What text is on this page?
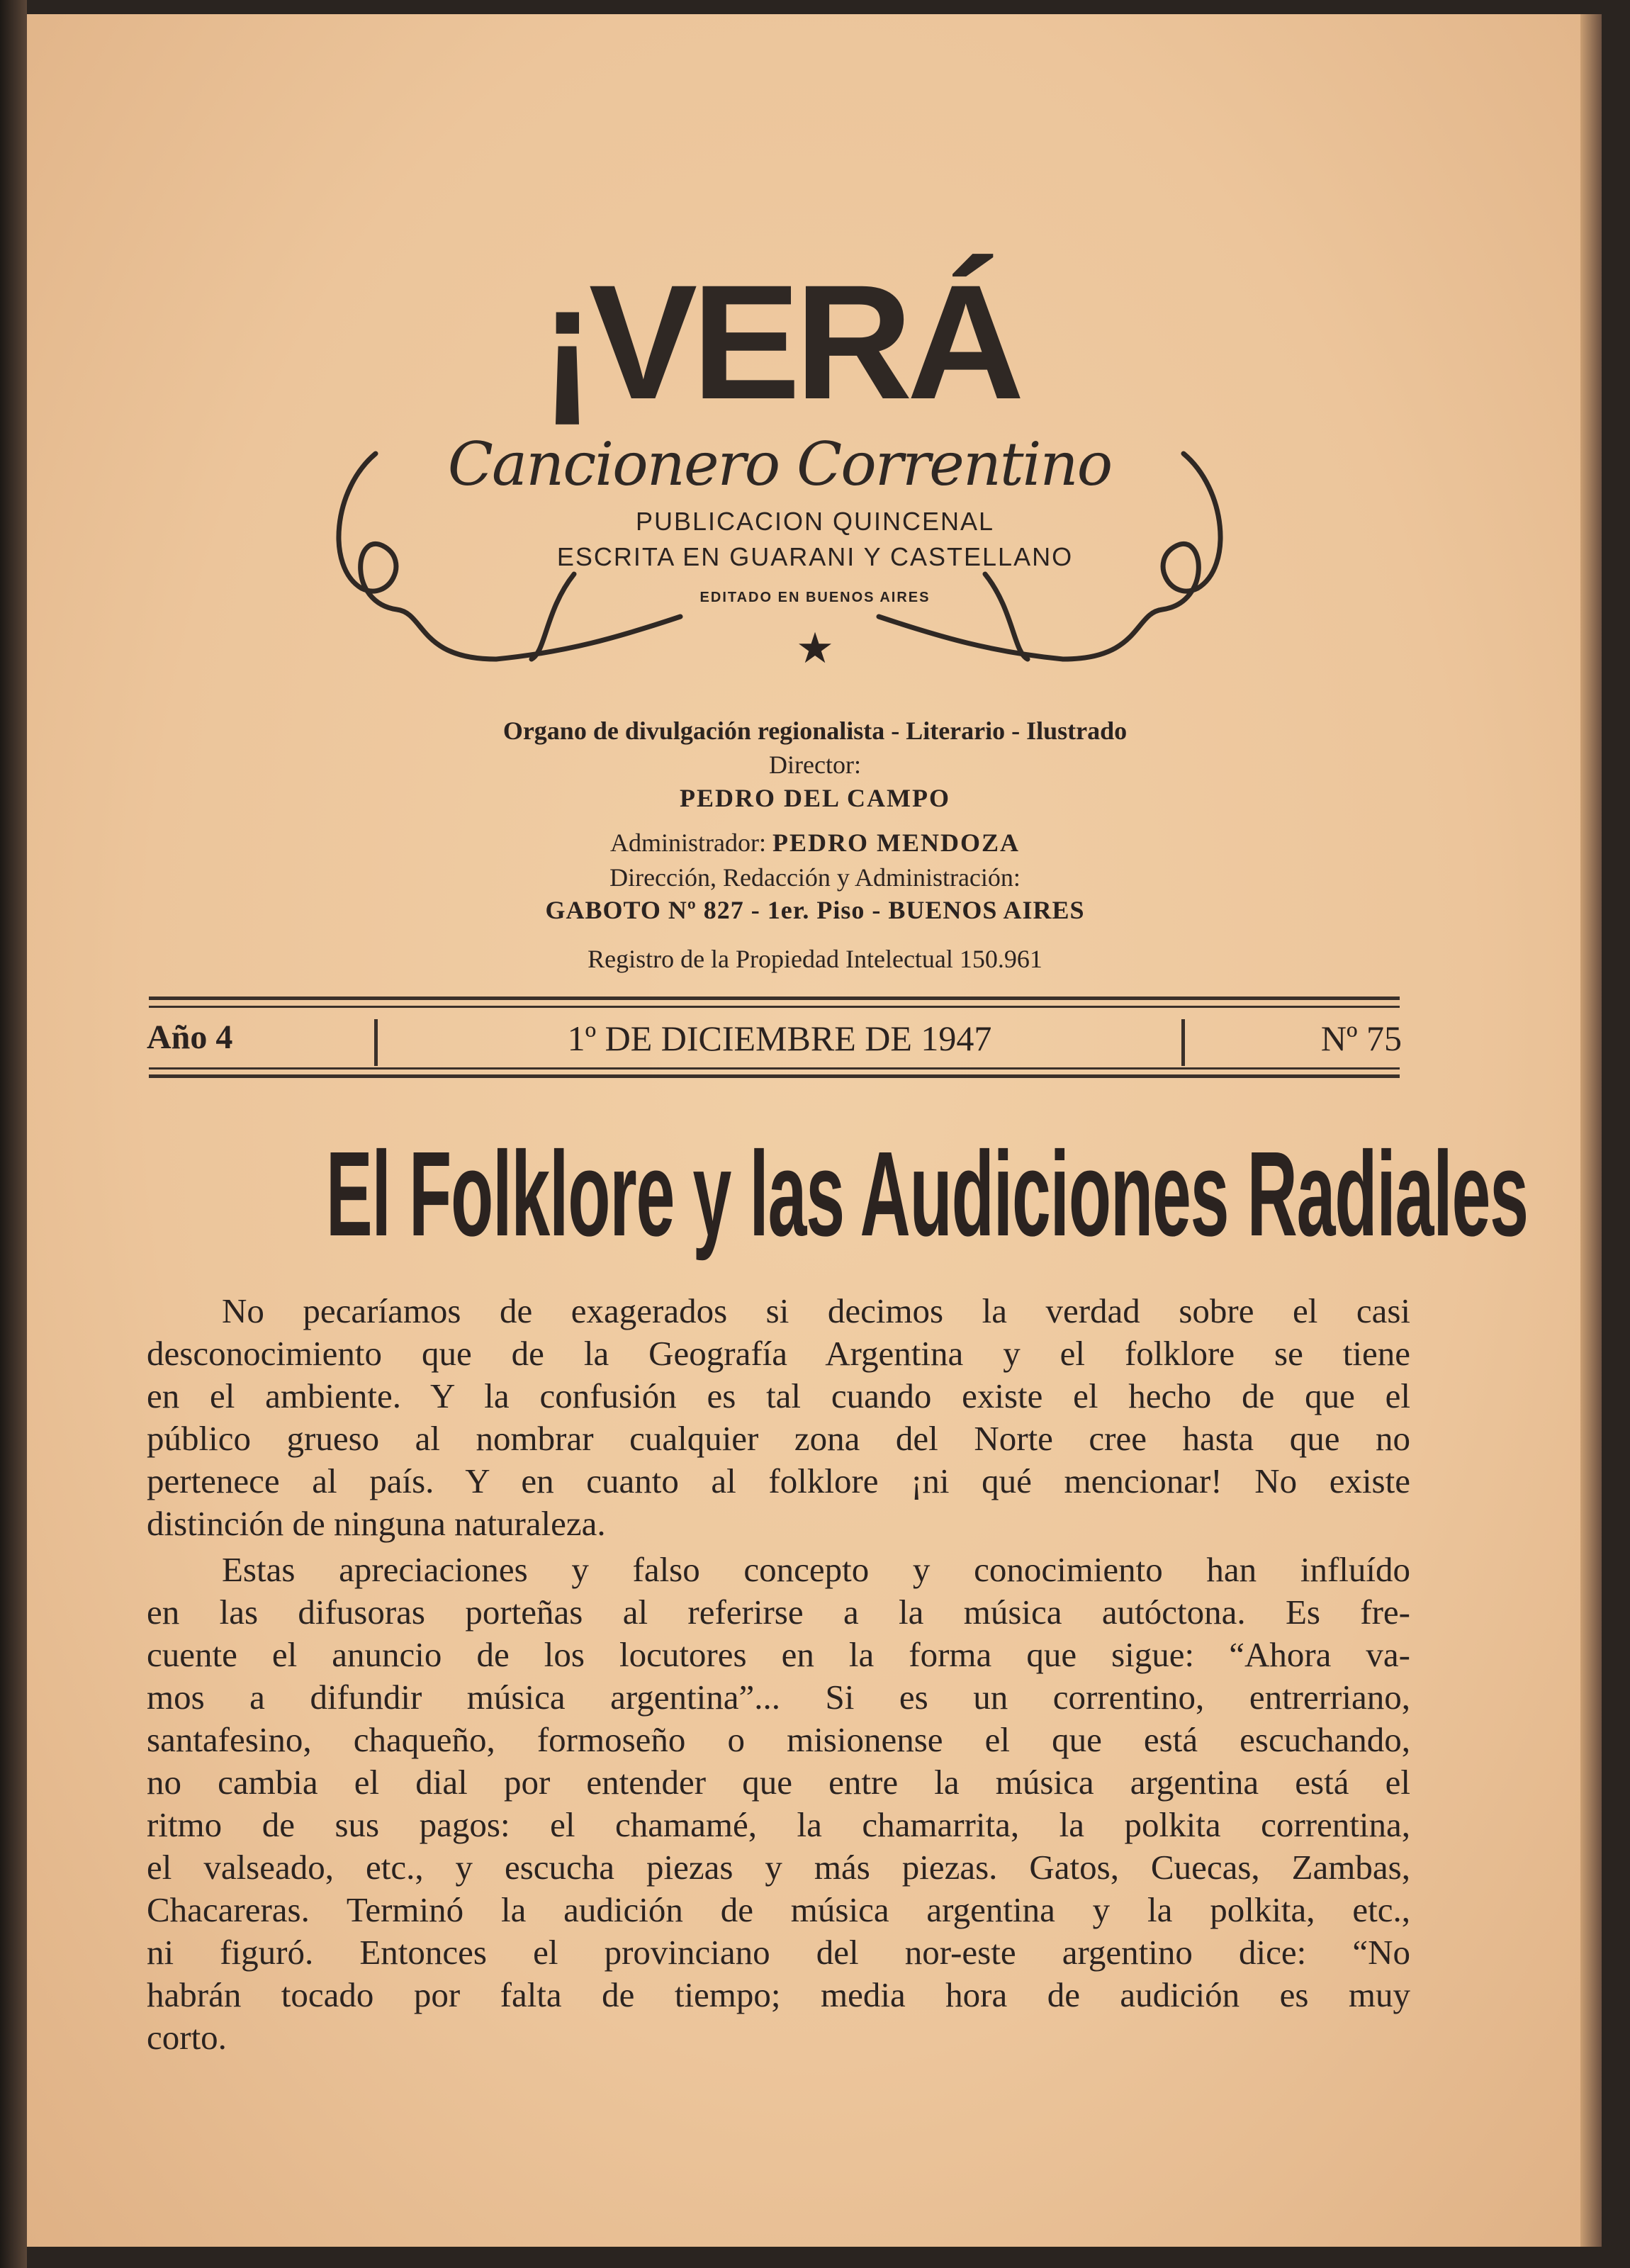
¡VERÁ
Cancionero Correntino
PUBLICACION QUINCENAL
ESCRITA EN GUARANI Y CASTELLANO
EDITADO EN BUENOS AIRES
★
Organo de divulgación regionalista - Literario - Ilustrado
Director:
PEDRO DEL CAMPO
Administrador: PEDRO MENDOZA
Dirección, Redacción y Administración:
GABOTO Nº 827 - 1er. Piso - BUENOS AIRES
Registro de la Propiedad Intelectual 150.961
Año 4	1º DE DICIEMBRE DE 1947	Nº 75
El Folklore y las Audiciones Radiales
No pecaríamos de exagerados si decimos la verdad sobre el casi
desconocimiento que de la Geografía Argentina y el folklore se tiene
en el ambiente. Y la confusión es tal cuando existe el hecho de que el
público grueso al nombrar cualquier zona del Norte cree hasta que no
pertenece al país. Y en cuanto al folklore ¡ni qué mencionar! No existe
distinción de ninguna naturaleza.
Estas apreciaciones y falso concepto y conocimiento han influído
en las difusoras porteñas al referirse a la música autóctona. Es fre-
cuente el anuncio de los locutores en la forma que sigue: “Ahora va-
mos a difundir música argentina”... Si es un correntino, entrerriano,
santafesino, chaqueño, formoseño o misionense el que está escuchando,
no cambia el dial por entender que entre la música argentina está el
ritmo de sus pagos: el chamamé, la chamarrita, la polkita correntina,
el valseado, etc., y escucha piezas y más piezas. Gatos, Cuecas, Zambas,
Chacareras. Terminó la audición de música argentina y la polkita, etc.,
ni figuró. Entonces el provinciano del nor-este argentino dice: “No
habrán tocado por falta de tiempo; media hora de audición es muy
corto.
